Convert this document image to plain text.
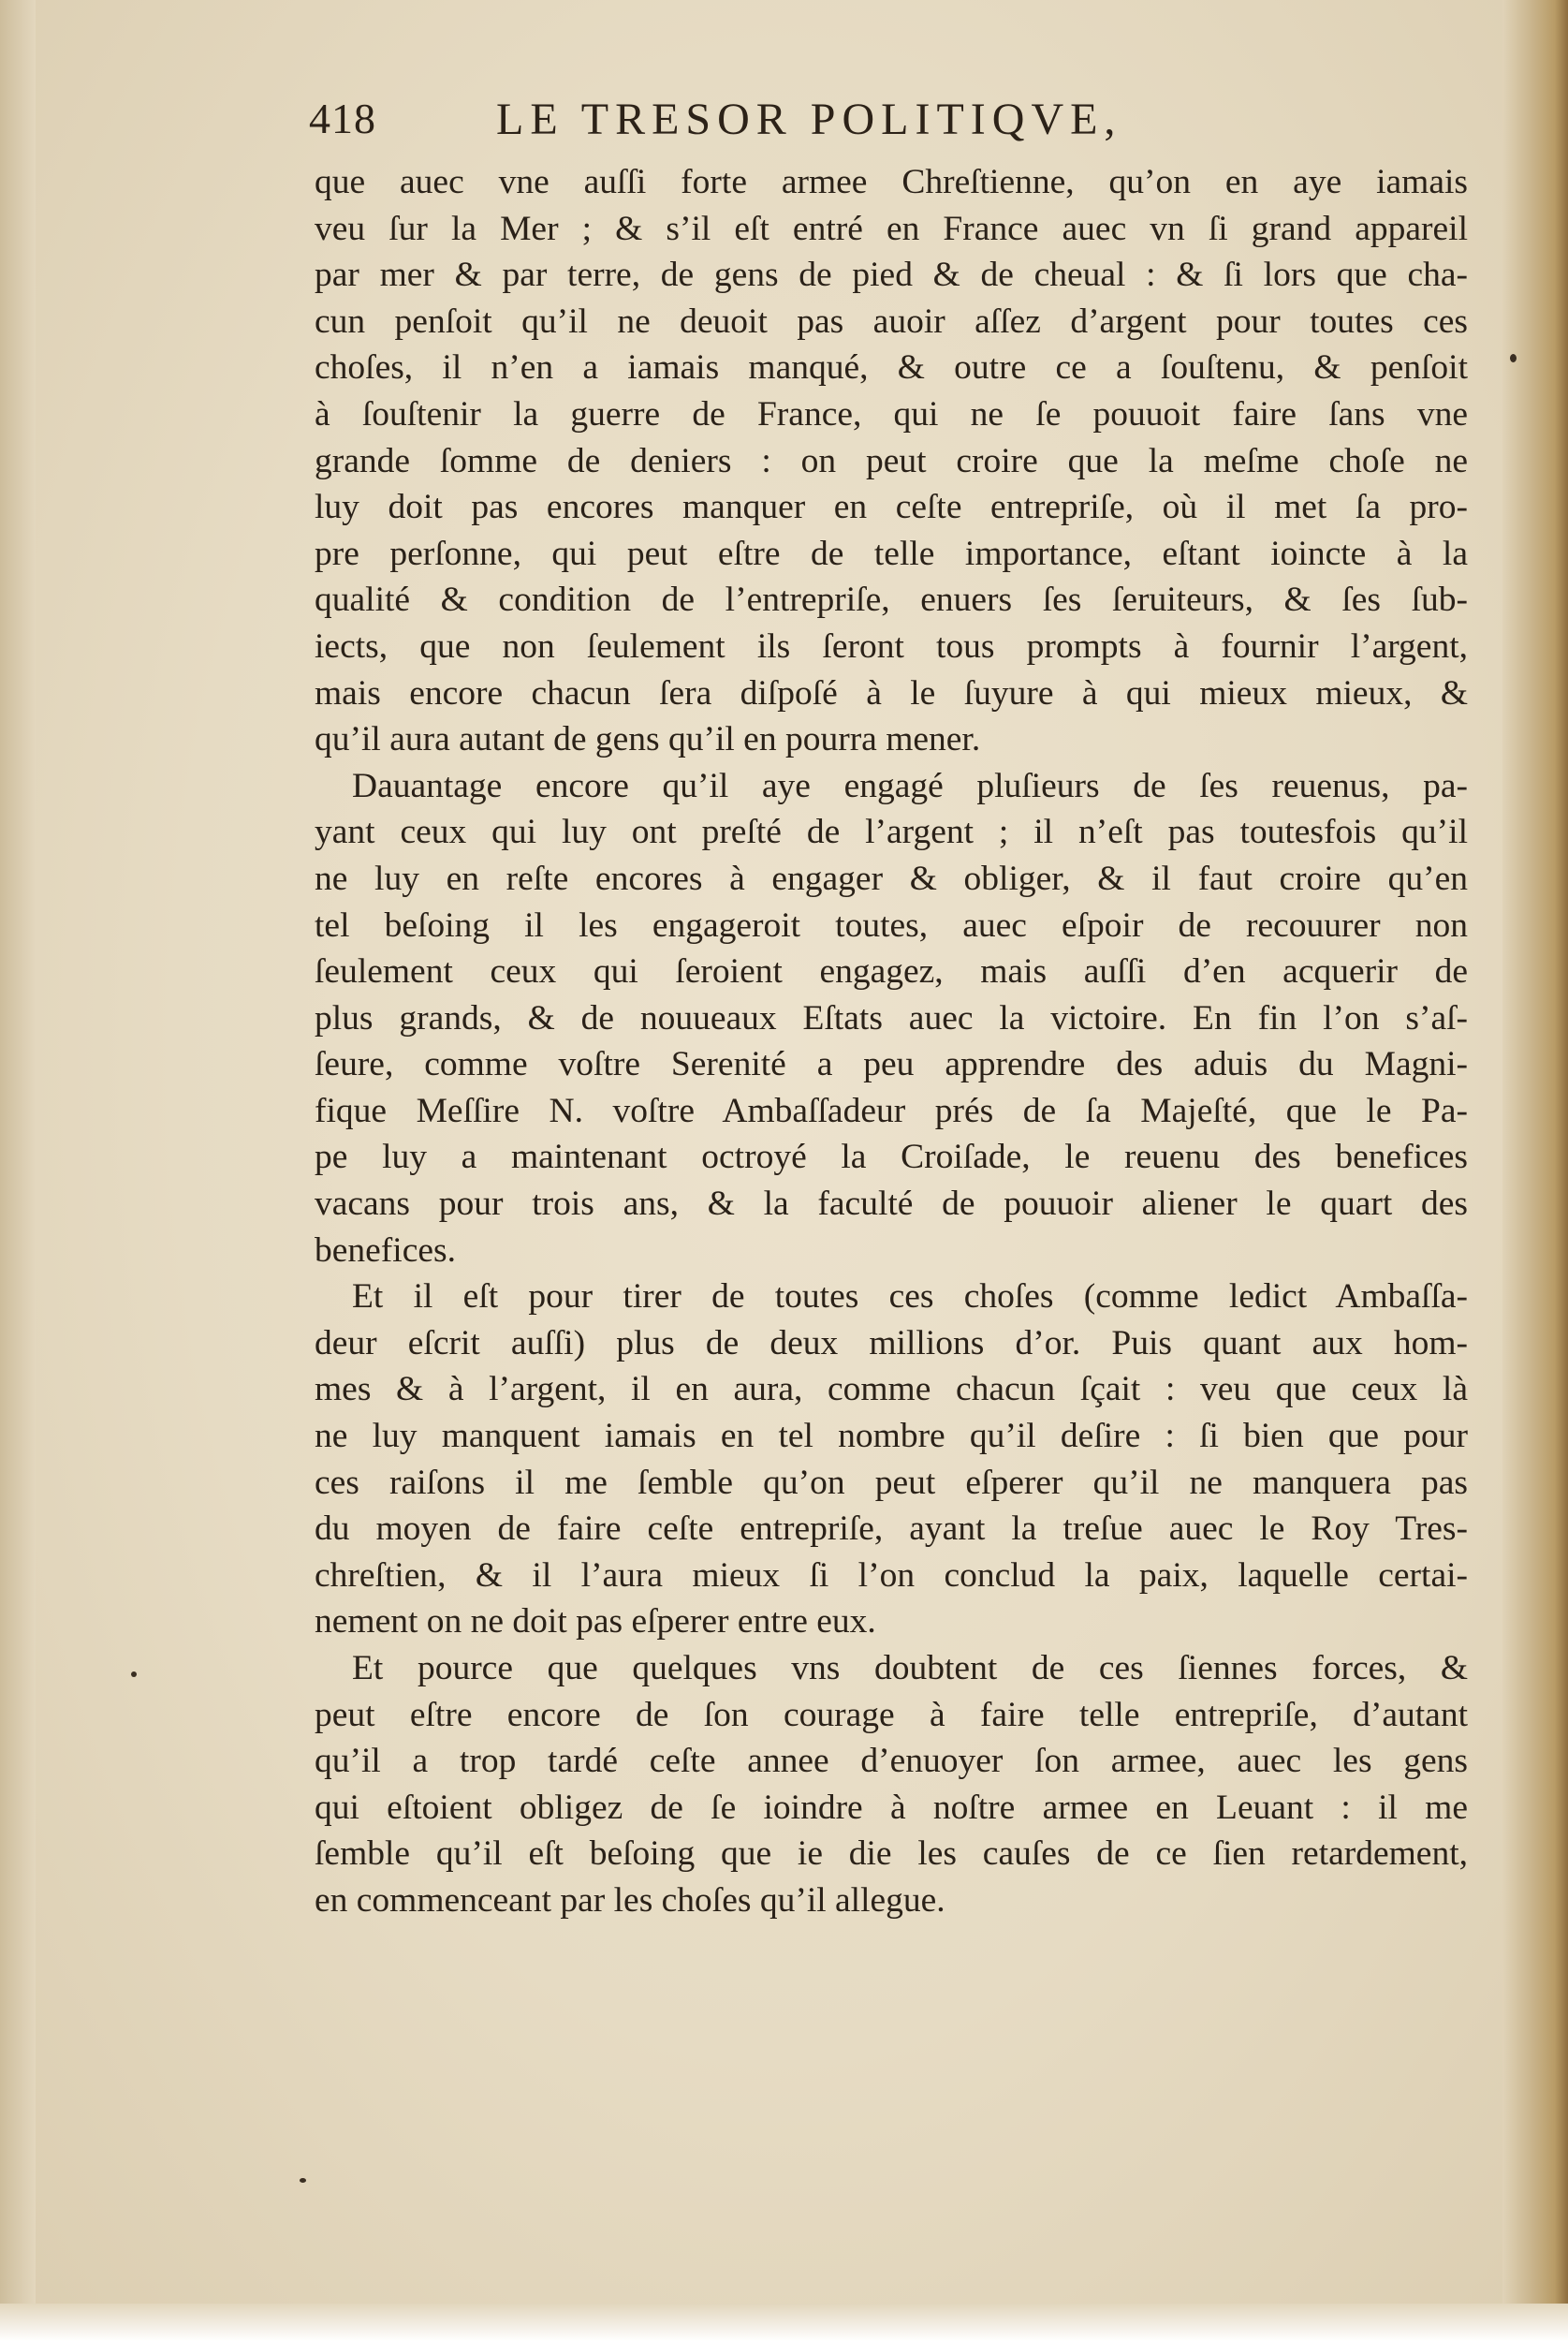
418	LE TRESOR POLITIQVE,
que auec vne auſſi forte armee Chreſtienne, qu’on en aye iamais
veu ſur la Mer ; & s’il eſt entré en France auec vn ſi grand appareil
par mer & par terre, de gens de pied & de cheual : & ſi lors que cha-
cun penſoit qu’il ne deuoit pas auoir aſſez d’argent pour toutes ces
choſes, il n’en a iamais manqué, & outre ce a ſouſtenu, & penſoit
à ſouſtenir la guerre de France, qui ne ſe pouuoit faire ſans vne
grande ſomme de deniers : on peut croire que la meſme choſe ne
luy doit pas encores manquer en ceſte entrepriſe, où il met ſa pro-
pre perſonne, qui peut eſtre de telle importance, eſtant ioincte à la
qualité & condition de l’entrepriſe, enuers ſes ſeruiteurs, & ſes ſub-
iects, que non ſeulement ils ſeront tous prompts à fournir l’argent,
mais encore chacun ſera diſpoſé à le ſuyure à qui mieux mieux, &
qu’il aura autant de gens qu’il en pourra mener.
Dauantage encore qu’il aye engagé pluſieurs de ſes reuenus, pa-
yant ceux qui luy ont preſté de l’argent ; il n’eſt pas toutesfois qu’il
ne luy en reſte encores à engager & obliger, & il faut croire qu’en
tel beſoing il les engageroit toutes, auec eſpoir de recouurer non
ſeulement ceux qui ſeroient engagez, mais auſſi d’en acquerir de
plus grands, & de nouueaux Eſtats auec la victoire. En fin l’on s’aſ-
ſeure, comme voſtre Serenité a peu apprendre des aduis du Magni-
fique Meſſire N. voſtre Ambaſſadeur prés de ſa Majeſté, que le Pa-
pe luy a maintenant octroyé la Croiſade, le reuenu des benefices
vacans pour trois ans, & la faculté de pouuoir aliener le quart des
benefices.
Et il eſt pour tirer de toutes ces choſes (comme ledict Ambaſſa-
deur eſcrit auſſi) plus de deux millions d’or. Puis quant aux hom-
mes & à l’argent, il en aura, comme chacun ſçait : veu que ceux là
ne luy manquent iamais en tel nombre qu’il deſire : ſi bien que pour
ces raiſons il me ſemble qu’on peut eſperer qu’il ne manquera pas
du moyen de faire ceſte entrepriſe, ayant la treſue auec le Roy Tres-
chreſtien, & il l’aura mieux ſi l’on conclud la paix, laquelle certai-
nement on ne doit pas eſperer entre eux.
Et pource que quelques vns doubtent de ces ſiennes forces, &
peut eſtre encore de ſon courage à faire telle entrepriſe, d’autant
qu’il a trop tardé ceſte annee d’enuoyer ſon armee, auec les gens
qui eſtoient obligez de ſe ioindre à noſtre armee en Leuant : il me
ſemble qu’il eſt beſoing que ie die les cauſes de ce ſien retardement,
en commenceant par les choſes qu’il allegue.
